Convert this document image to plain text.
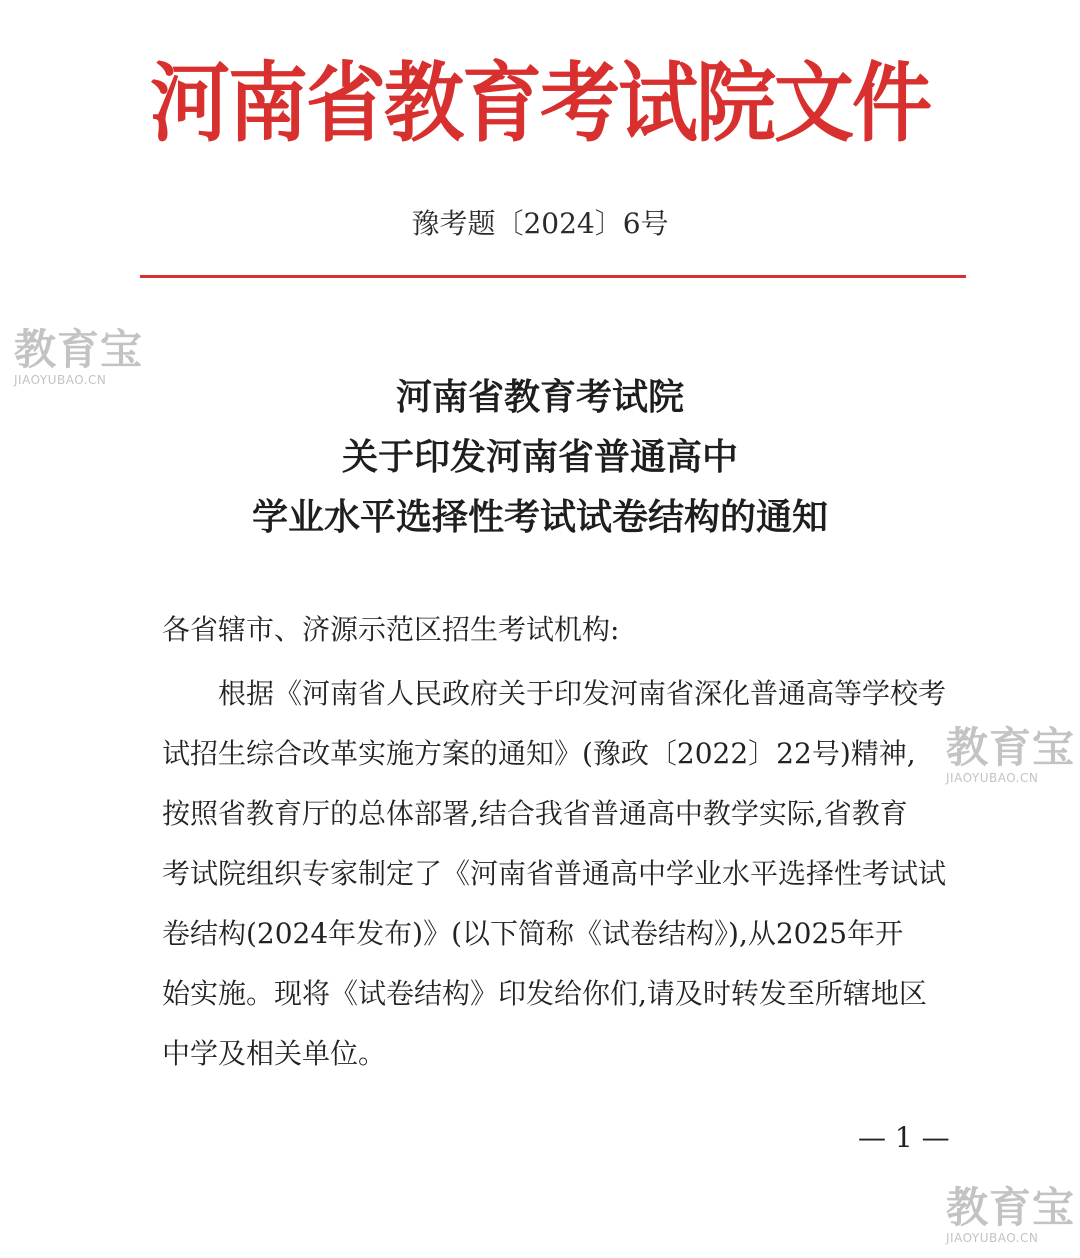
河南省教育考试院文件
豫考题〔2024〕6号
河南省教育考试院
关于印发河南省普通高中
学业水平选择性考试试卷结构的通知
各省辖市、济源示范区招生考试机构:
根据《河南省人民政府关于印发河南省深化普通高等学校考
试招生综合改革实施方案的通知》(豫政〔2022〕22号)精神,
按照省教育厅的总体部署,结合我省普通高中教学实际,省教育
考试院组织专家制定了《河南省普通高中学业水平选择性考试试
卷结构(2024年发布)》(以下简称《试卷结构》),从2025年开
始实施。现将《试卷结构》印发给你们,请及时转发至所辖地区
中学及相关单位。
— 1 —
教育宝
JIAOYUBAO.CN
教育宝
JIAOYUBAO.CN
教育宝
JIAOYUBAO.CN
